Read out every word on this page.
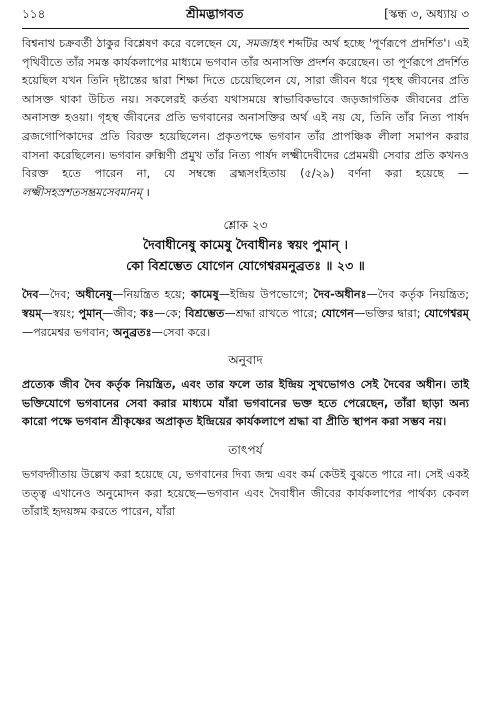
১১৪	শ্রীমদ্ভাগবত	[স্কন্ধ ৩, অধ্যায় ৩

বিশ্বনাথ চক্রবর্তী ঠাকুর বিশ্লেষণ করে বলেছেন যে, সমজাহৎ শব্দটির অর্থ হচ্ছে 'পূর্ণরূপে প্রদর্শিত'। এই পৃথিবীতে তাঁর সমস্ত কার্যকলাপের মাধ্যমে ভগবান তাঁর অনাসক্তি প্রদর্শন করেছেন। তা পূর্ণরূপে প্রদর্শিত হয়েছিল যখন তিনি দৃষ্টান্তের দ্বারা শিক্ষা দিতে চেয়েছিলেন যে, সারা জীবন ধরে গৃহস্থ জীবনের প্রতি আসক্ত থাকা উচিত নয়। সকলেরই কর্তব্য যথাসময়ে স্বাভাবিকভাবে জড়জাগতিক জীবনের প্রতি অনাসক্ত হওয়া। গৃহস্থ জীবনের প্রতি ভগবানের অনাসক্তির অর্থ এই নয় যে, তিনি তাঁর নিত্য পার্ষদ ব্রজগোপিকাদের প্রতি বিরক্ত হয়েছিলেন। প্রকৃতপক্ষে ভগবান তাঁর প্রাপঞ্চিক লীলা সমাপন করার বাসনা করেছিলেন। ভগবান রুক্মিণী প্রমুখ তাঁর নিত্য পার্ষদ লক্ষ্মীদেবীদের প্রেমময়ী সেবার প্রতি কখনও বিরক্ত হতে পারেন না, যে সম্বন্ধে ব্রহ্মসংহিতায় (৫/২৯) বর্ণনা করা হয়েছে — লক্ষ্মীসহস্রশতসম্ভ্রমসেবমানম্ ।

শ্লোক ২৩
দৈবাধীনেষু কামেষু দৈবাধীনঃ স্বয়ং পুমান্ ।
কো বিশ্রম্ভেত যোগেন যোগেশ্বরমনুব্রতঃ ॥ ২৩ ॥

দৈব—দৈব; অধীনেষু—নিয়ন্ত্রিত হয়ে; কামেষু—ইন্দ্রিয় উপভোগে; দৈব-অধীনঃ—দৈব কর্তৃক নিয়ন্ত্রিত; স্বয়ম্—স্বয়ং; পুমান্—জীব; কঃ—কে; বিশ্রম্ভেত—শ্রদ্ধা রাখতে পারে; যোগেন—ভক্তির দ্বারা; যোগেশ্বরম্—পরমেশ্বর ভগবান; অনুব্রতঃ—সেবা করে।

অনুবাদ

প্রত্যেক জীব দৈব কর্তৃক নিয়ন্ত্রিত, এবং তার ফলে তার ইন্দ্রিয় সুখভোগও সেই দৈবের অধীন। তাই ভক্তিযোগে ভগবানের সেবা করার মাধ্যমে যাঁরা ভগবানের ভক্ত হতে পেরেছেন, তাঁরা ছাড়া অন্য কারো পক্ষে ভগবান শ্রীকৃষ্ণের অপ্রাকৃত ইন্দ্রিয়ের কার্যকলাপে শ্রদ্ধা বা প্রীতি স্থাপন করা সম্ভব নয়।

তাৎপর্য

ভগবদ্গীতায় উল্লেখ করা হয়েছে যে, ভগবানের দিব্য জন্ম এবং কর্ম কেউই বুঝতে পারে না। সেই একই তত্ত্ব এখানেও অনুমোদন করা হয়েছে—ভগবান এবং দৈবাধীন জীবের কার্যকলাপের পার্থক্য কেবল তাঁরাই হৃদয়ঙ্গম করতে পারেন, যাঁরা
